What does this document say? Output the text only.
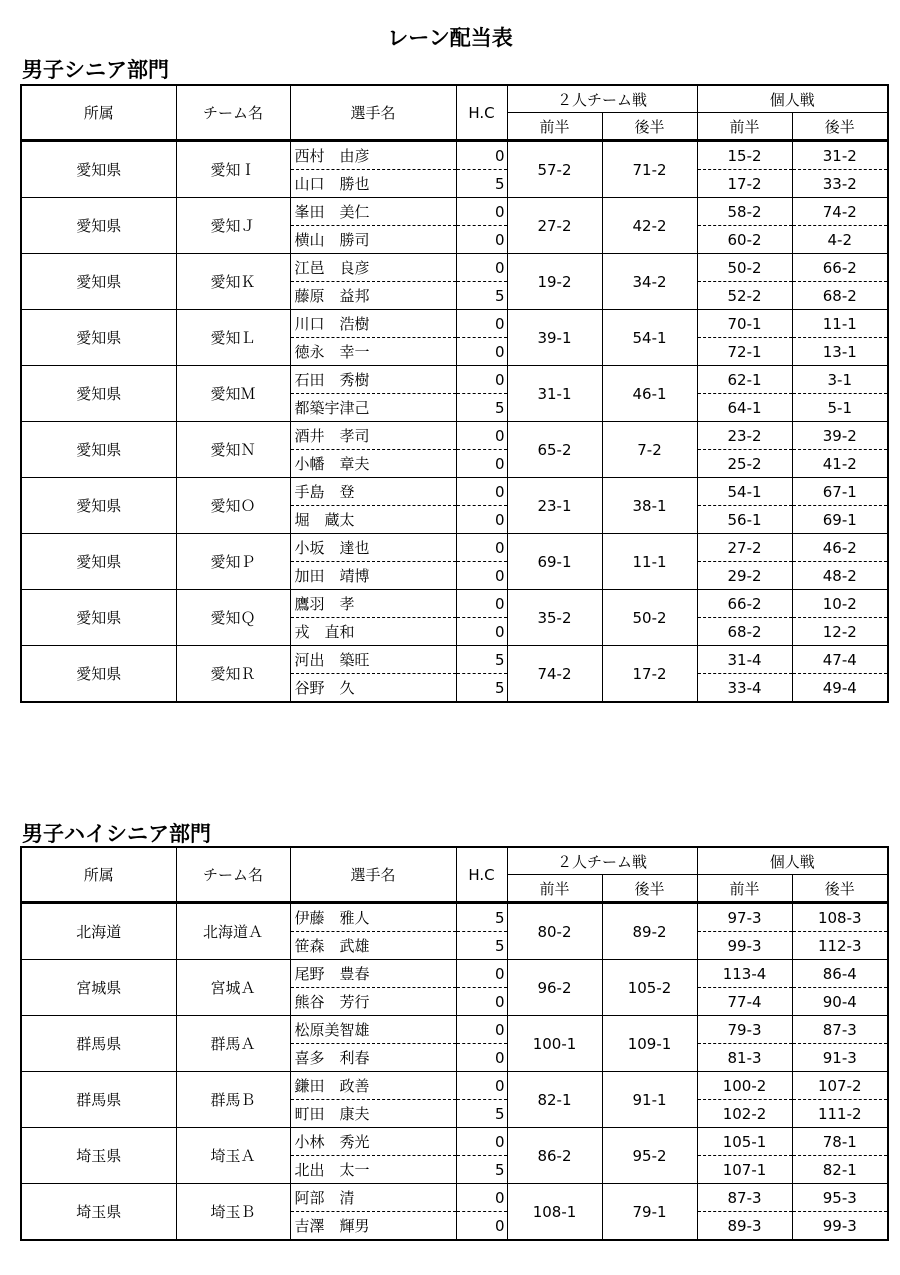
レーン配当表
男子シニア部門
所属	チーム名	選手名	H.C	２人チーム戦		個人戦	
				前半	後半	前半	後半
愛知県	愛知Ｉ	西村　由彦	0	57-2	71-2	15-2	31-2
		山口　勝也	5			17-2	33-2
愛知県	愛知Ｊ	峯田　美仁	0	27-2	42-2	58-2	74-2
		横山　勝司	0			60-2	4-2
愛知県	愛知Ｋ	江邑　良彦	0	19-2	34-2	50-2	66-2
		藤原　益邦	5			52-2	68-2
愛知県	愛知Ｌ	川口　浩樹	0	39-1	54-1	70-1	11-1
		徳永　幸一	0			72-1	13-1
愛知県	愛知Ｍ	石田　秀樹	0	31-1	46-1	62-1	3-1
		都築宇津己	5			64-1	5-1
愛知県	愛知Ｎ	酒井　孝司	0	65-2	7-2	23-2	39-2
		小幡　章夫	0			25-2	41-2
愛知県	愛知Ｏ	手島　登	0	23-1	38-1	54-1	67-1
		堀　蔵太	0			56-1	69-1
愛知県	愛知Ｐ	小坂　達也	0	69-1	11-1	27-2	46-2
		加田　靖博	0			29-2	48-2
愛知県	愛知Ｑ	鷹羽　孝	0	35-2	50-2	66-2	10-2
		戎　直和	0			68-2	12-2
愛知県	愛知Ｒ	河出　築旺	5	74-2	17-2	31-4	47-4
		谷野　久	5			33-4	49-4
男子ハイシニア部門
所属	チーム名	選手名	H.C	２人チーム戦		個人戦	
				前半	後半	前半	後半
北海道	北海道Ａ	伊藤　雅人	5	80-2	89-2	97-3	108-3
		笹森　武雄	5			99-3	112-3
宮城県	宮城Ａ	尾野　豊春	0	96-2	105-2	113-4	86-4
		熊谷　芳行	0			77-4	90-4
群馬県	群馬Ａ	松原美智雄	0	100-1	109-1	79-3	87-3
		喜多　利春	0			81-3	91-3
群馬県	群馬Ｂ	鎌田　政善	0	82-1	91-1	100-2	107-2
		町田　康夫	5			102-2	111-2
埼玉県	埼玉Ａ	小林　秀光	0	86-2	95-2	105-1	78-1
		北出　太一	5			107-1	82-1
埼玉県	埼玉Ｂ	阿部　清	0	108-1	79-1	87-3	95-3
		吉澤　輝男	0			89-3	99-3
